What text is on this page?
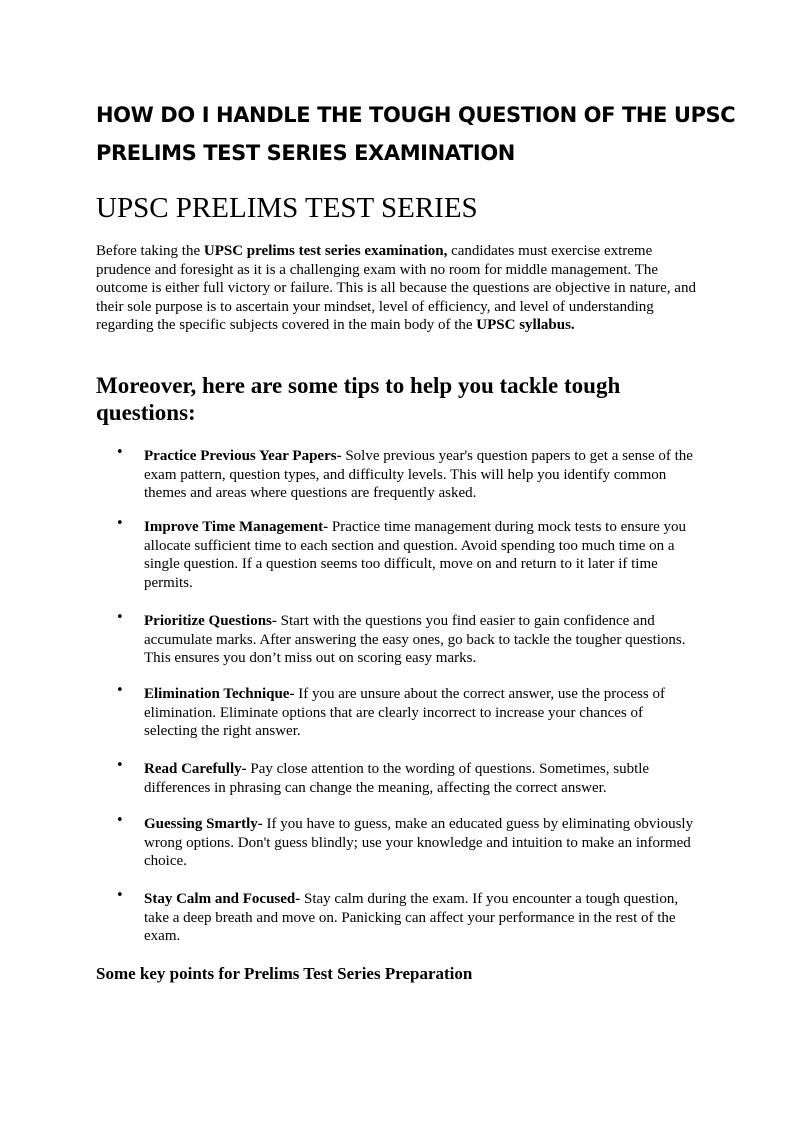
HOW DO I HANDLE THE TOUGH QUESTION OF THE UPSC PRELIMS TEST SERIES EXAMINATION
UPSC PRELIMS TEST SERIES

Before taking the UPSC prelims test series examination, candidates must exercise extreme prudence and foresight as it is a challenging exam with no room for middle management. The outcome is either full victory or failure. This is all because the questions are objective in nature, and their sole purpose is to ascertain your mindset, level of efficiency, and level of understanding regarding the specific subjects covered in the main body of the UPSC syllabus.

Moreover, here are some tips to help you tackle tough questions:
• Practice Previous Year Papers- Solve previous year's question papers to get a sense of the exam pattern, question types, and difficulty levels. This will help you identify common themes and areas where questions are frequently asked.
• Improve Time Management- Practice time management during mock tests to ensure you allocate sufficient time to each section and question. Avoid spending too much time on a single question. If a question seems too difficult, move on and return to it later if time permits.
• Prioritize Questions- Start with the questions you find easier to gain confidence and accumulate marks. After answering the easy ones, go back to tackle the tougher questions. This ensures you don’t miss out on scoring easy marks.
• Elimination Technique- If you are unsure about the correct answer, use the process of elimination. Eliminate options that are clearly incorrect to increase your chances of selecting the right answer.
• Read Carefully- Pay close attention to the wording of questions. Sometimes, subtle differences in phrasing can change the meaning, affecting the correct answer.
• Guessing Smartly- If you have to guess, make an educated guess by eliminating obviously wrong options. Don't guess blindly; use your knowledge and intuition to make an informed choice.
• Stay Calm and Focused- Stay calm during the exam. If you encounter a tough question, take a deep breath and move on. Panicking can affect your performance in the rest of the exam.
Some key points for Prelims Test Series Preparation
